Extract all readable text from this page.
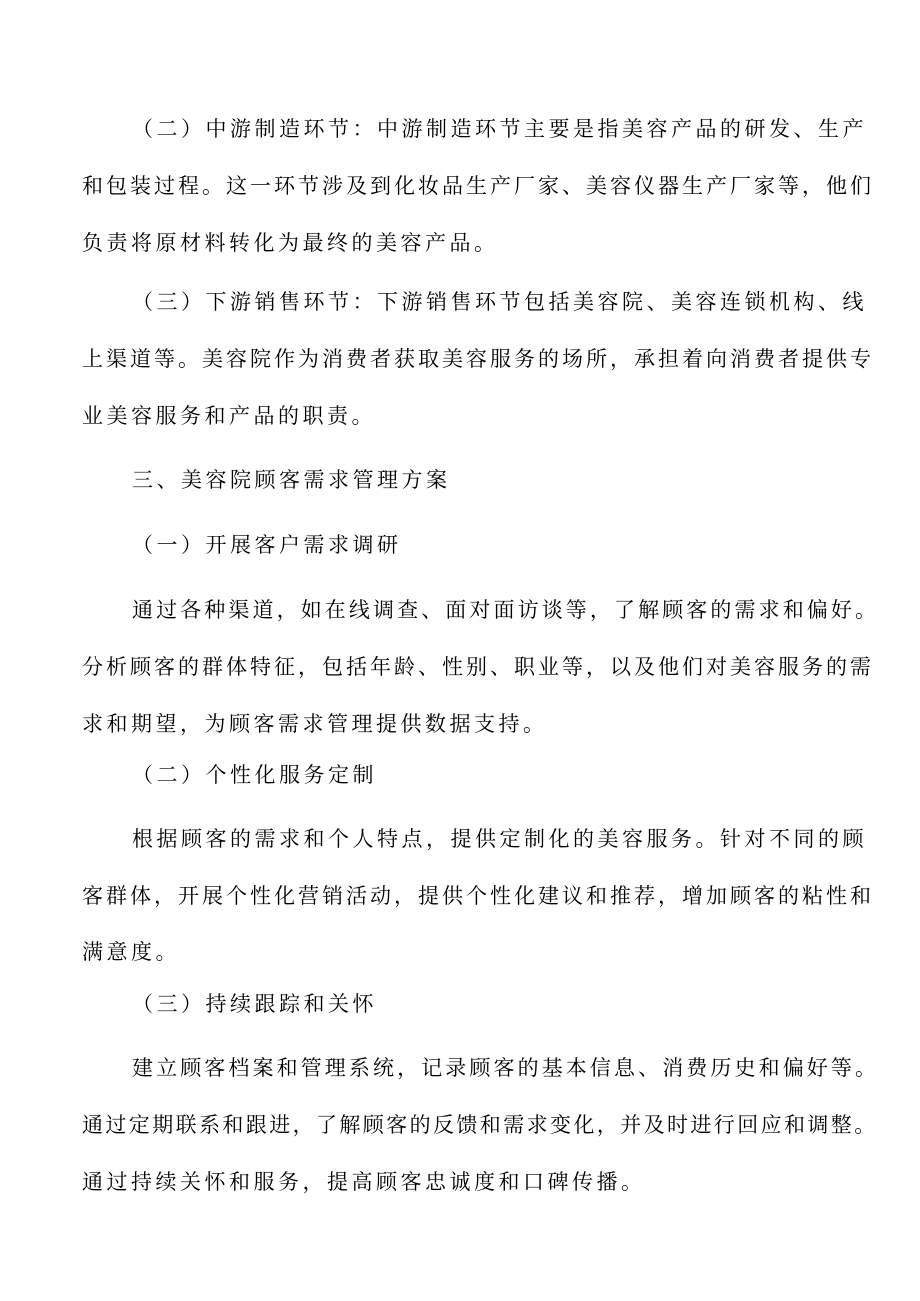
（二）中游制造环节：中游制造环节主要是指美容产品的研发、生产
和包装过程。这一环节涉及到化妆品生产厂家、美容仪器生产厂家等，他们
负责将原材料转化为最终的美容产品。
（三）下游销售环节：下游销售环节包括美容院、美容连锁机构、线
上渠道等。美容院作为消费者获取美容服务的场所，承担着向消费者提供专
业美容服务和产品的职责。
三、美容院顾客需求管理方案
（一）开展客户需求调研
通过各种渠道，如在线调查、面对面访谈等，了解顾客的需求和偏好。
分析顾客的群体特征，包括年龄、性别、职业等，以及他们对美容服务的需
求和期望，为顾客需求管理提供数据支持。
（二）个性化服务定制
根据顾客的需求和个人特点，提供定制化的美容服务。针对不同的顾
客群体，开展个性化营销活动，提供个性化建议和推荐，增加顾客的粘性和
满意度。
（三）持续跟踪和关怀
建立顾客档案和管理系统，记录顾客的基本信息、消费历史和偏好等。
通过定期联系和跟进，了解顾客的反馈和需求变化，并及时进行回应和调整。
通过持续关怀和服务，提高顾客忠诚度和口碑传播。
